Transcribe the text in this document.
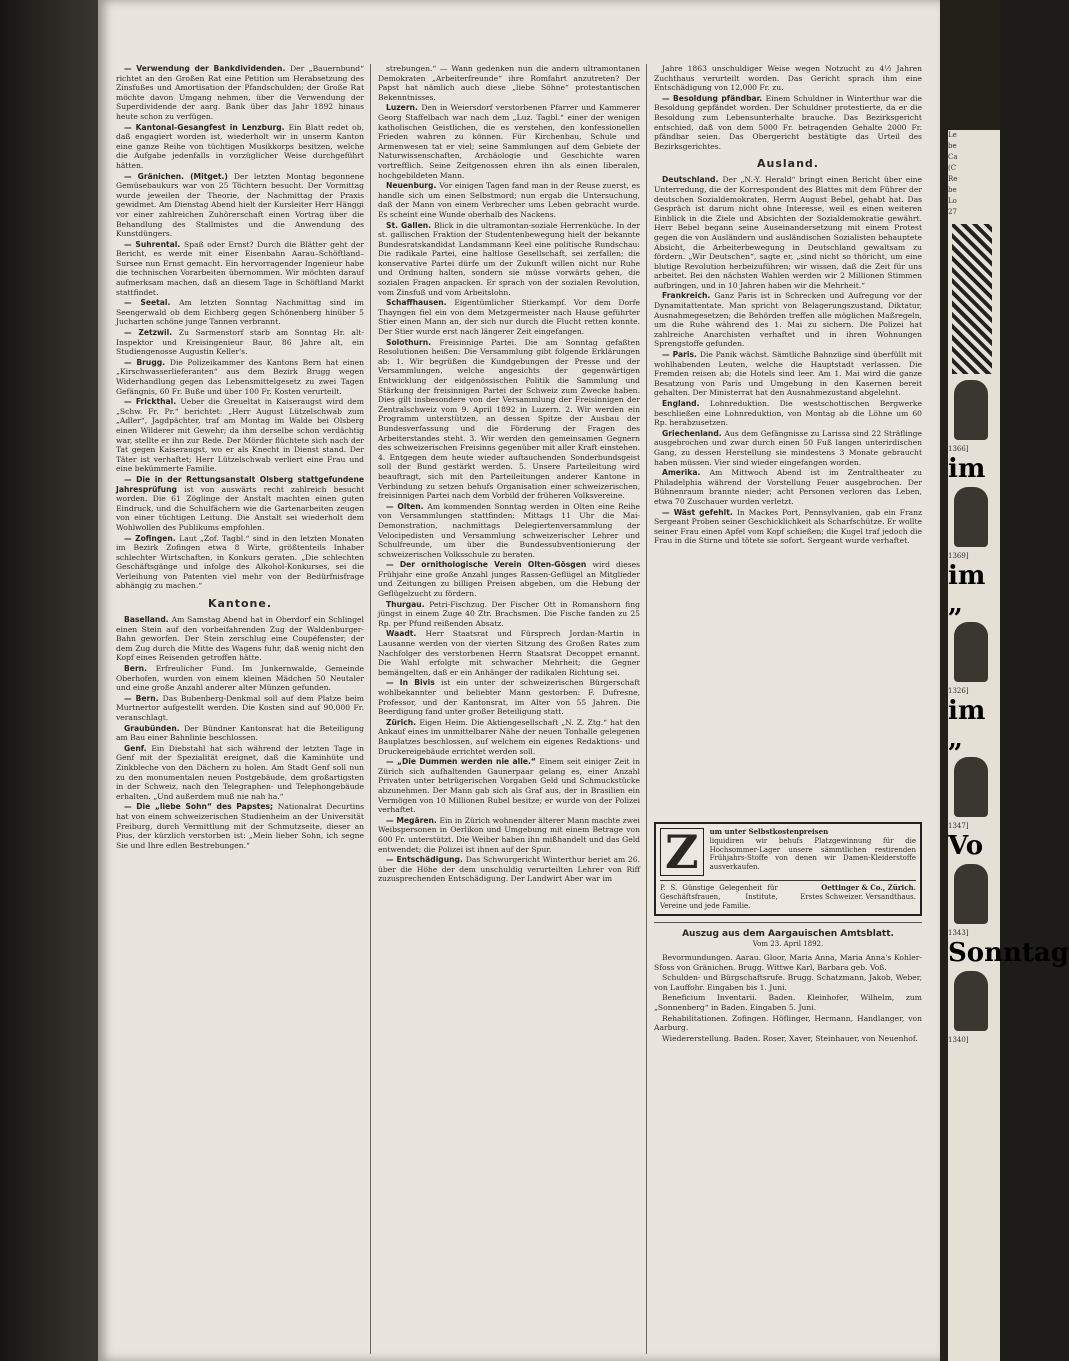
— Verwendung der Bankdividenden. Der „Bauernbund“ richtet an den Großen Rat eine Petition um Herabsetzung des Zinsfußes und Amortisation der Pfandschulden; der Große Rat möchte davon Umgang nehmen, über die Verwendung der Superdividende der aarg. Bank über das Jahr 1892 hinaus heute schon zu verfügen.

— Kantonal-Gesangfest in Lenzburg. Ein Blatt redet ob, daß engagiert worden ist, wiederholt wir in unserm Kanton eine ganze Reihe von tüchtigen Musikkorps besitzen, welche die Aufgabe jedenfalls in vorzüglicher Weise durchgeführt hätten.

— Gränichen. (Mitget.) Der letzten Montag begonnene Gemüsebaukurs war von 25 Töchtern besucht. Der Vormittag wurde jeweilen der Theorie, der Nachmittag der Praxis gewidmet. Am Dienstag Abend hielt der Kursleiter Herr Hänggi vor einer zahlreichen Zuhörerschaft einen Vortrag über die Behandlung des Stallmistes und die Anwendung des Kunstdüngers.

— Suhrental. Spaß oder Ernst? Durch die Blätter geht der Bericht, es werde mit einer Eisenbahn Aarau–Schöftland–Sursee nun Ernst gemacht. Ein hervorragender Ingenieur habe die technischen Vorarbeiten übernommen. Wir möchten darauf aufmerksam machen, daß an diesem Tage in Schöftland Markt stattfindet.

— Seetal. Am letzten Sonntag Nachmittag sind im Seengerwald ob dem Eichberg gegen Schönenberg hinüber 5 Jucharten schöne junge Tannen verbrannt.

— Zetzwil. Zu Sarmenstorf starb am Sonntag Hr. alt-Inspektor und Kreisingenieur Baur, 86 Jahre alt, ein Studiengenosse Augustin Keller's.

— Brugg. Die Polizeikammer des Kantons Bern hat einen „Kirschwasserlieferanten“ aus dem Bezirk Brugg wegen Widerhandlung gegen das Lebensmittelgesetz zu zwei Tagen Gefängnis, 60 Fr. Buße und über 100 Fr. Kosten verurteilt.

— Frickthal. Ueber die Greueltat in Kaiseraugst wird dem „Schw. Fr. Pr.“ berichtet: „Herr August Lützelschwab zum „Adler“, Jagdpächter, traf am Montag im Walde bei Olsberg einen Wilderer mit Gewehr; da ihm derselbe schon verdächtig war, stellte er ihn zur Rede. Der Mörder flüchtete sich nach der Tat gegen Kaiseraugst, wo er als Knecht in Dienst stand. Der Täter ist verhaftet; Herr Lützelschwab verliert eine Frau und eine bekümmerte Familie.

— Die in der Rettungsanstalt Olsberg stattgefundene Jahresprüfung ist von auswärts recht zahlreich besucht worden. Die 61 Zöglinge der Anstalt machten einen guten Eindruck, und die Schulfächern wie die Gartenarbeiten zeugen von einer tüchtigen Leitung. Die Anstalt sei wiederholt dem Wohlwollen des Publikums empfohlen.

— Zofingen. Laut „Zof. Tagbl.“ sind in den letzten Monaten im Bezirk Zofingen etwa 8 Wirte, größtenteils Inhaber schlechter Wirtschaften, in Konkurs geraten. „Die schlechten Geschäftsgänge und infolge des Alkohol-Konkurses, sei die Verleihung von Patenten viel mehr von der Bedürfnisfrage abhängig zu machen.“

Kantone.

Baselland. Am Samstag Abend hat in Oberdorf ein Schlingel einen Stein auf den vorbeifahrenden Zug der Waldenburger-Bahn geworfen. Der Stein zerschlug eine Coupéfenster, der dem Zug durch die Mitte des Wagens fuhr, daß wenig nicht den Kopf eines Reisenden getroffen hätte.

Bern. Erfreulicher Fund. Im Junkernwalde, Gemeinde Oberhofen, wurden von einem kleinen Mädchen 50 Neutaler und eine große Anzahl anderer alter Münzen gefunden.

— Bern. Das Bubenberg-Denkmal soll auf dem Platze beim Murtnertor aufgestellt werden. Die Kosten sind auf 90,000 Fr. veranschlagt.

Graubünden. Der Bündner Kantonsrat hat die Beteiligung am Bau einer Bahnlinie beschlossen.

Genf. Ein Diebstahl hat sich während der letzten Tage in Genf mit der Spezialität ereignet, daß die Kaminhüte und Zinkbleche von den Dächern zu holen. Am Stadt Genf soll nun zu den monumentalen neuen Postgebäude, dem großartigsten in der Schweiz, nach den Telegraphen- und Telephongebäude erhalten. „Und außerdem muß nie nah ha.“

— Die „liebe Sohn“ des Papstes; Nationalrat Decurtins hat von einem schweizerischen Studienheim an der Universität Freiburg, durch Vermittlung mit der Schmutzseite, dieser an Pius, der kürzlich verstorben ist: „Mein lieber Sohn, ich segne Sie und Ihre edlen Bestrebungen.“

strebungen.“ — Wann gedenken nun die andern ultramontanen Demokraten „Arbeiterfreunde“ ihre Romfahrt anzutreten? Der Papst hat nämlich auch diese „liebe Söhne“ protestantischen Bekenntnisses.

Luzern. Den in Weiersdorf verstorbenen Pfarrer und Kammerer Georg Staffelbach war nach dem „Luz. Tagbl.“ einer der wenigen katholischen Geistlichen, die es verstehen, den konfessionellen Frieden wahren zu können. Für Kirchenbau, Schule und Armenwesen tat er viel; seine Sammlungen auf dem Gebiete der Naturwissenschaften, Archäologie und Geschichte waren vortrefflich. Seine Zeitgenossen ehren ihn als einen liberalen, hochgebildeten Mann.

Neuenburg. Vor einigen Tagen fand man in der Reuse zuerst, es handle sich um einen Selbstmord; nun ergab die Untersuchung, daß der Mann von einem Verbrecher ums Leben gebracht wurde. Es scheint eine Wunde oberhalb des Nackens.

St. Gallen. Blick in die ultramontan-soziale Herrenküche. In der st. gallischen Fraktion der Studentenbewegung hielt der bekannte Bundesratskandidat Landammann Keel eine politische Rundschau: Die radikale Partei, eine haltlose Gesellschaft, sei zerfallen; die konservative Partei dürfe um der Zukunft willen nicht nur Ruhe und Ordnung halten, sondern sie müsse vorwärts gehen, die sozialen Fragen anpacken. Er sprach von der sozialen Revolution, vom Zinsfuß und vom Arbeitslohn.

Schaffhausen. Eigentümlicher Stierkampf. Vor dem Dorfe Thayngen fiel ein von dem Metzgermeister nach Hause geführter Stier einen Mann an, der sich nur durch die Flucht retten konnte. Der Stier wurde erst nach längerer Zeit eingefangen.

Solothurn. Freisinnige Partei. Die am Sonntag gefaßten Resolutionen heißen: Die Versammlung gibt folgende Erklärungen ab: 1. Wir begrüßen die Kundgebungen der Presse und der Versammlungen, welche angesichts der gegenwärtigen Entwicklung der eidgenössischen Politik die Sammlung und Stärkung der freisinnigen Partei der Schweiz zum Zwecke haben. Dies gilt insbesondere von der Versammlung der Freisinnigen der Zentralschweiz vom 9. April 1892 in Luzern. 2. Wir werden ein Programm unterstützen, an dessen Spitze der Ausbau der Bundesverfassung und die Förderung der Fragen des Arbeiterstandes steht. 3. Wir werden den gemeinsamen Gegnern des schweizerischen Freisinns gegenüber mit aller Kraft einstehen. 4. Entgegen dem heute wieder auftauchenden Sonderbundsgeist soll der Bund gestärkt werden. 5. Unsere Parteileitung wird beauftragt, sich mit den Parteileitungen anderer Kantone in Verbindung zu setzen behufs Organisation einer schweizerischen, freisinnigen Partei nach dem Vorbild der früheren Volksvereine.

— Olten. Am kommenden Sonntag werden in Olten eine Reihe von Versammlungen stattfinden: Mittags 11 Uhr die Mai-Demonstration, nachmittags Delegiertenversammlung der Velocipedisten und Versammlung schweizerischer Lehrer und Schulfreunde, um über die Bundessubventionierung der schweizerischen Volksschule zu beraten.

— Der ornithologische Verein Olten-Gösgen wird dieses Frühjahr eine große Anzahl junges Rassen-Geflügel an Mitglieder und Zeitungen zu billigen Preisen abgeben, um die Hebung der Geflügelzucht zu fördern.

Thurgau. Petri-Fischzug. Der Fischer Ott in Romanshorn fing jüngst in einem Zuge 40 Ztr. Brachsmen. Die Fische fanden zu 25 Rp. per Pfund reißenden Absatz.

Waadt. Herr Staatsrat und Fürsprech Jordan-Martin in Lausanne werden von der vierten Sitzung des Großen Rates zum Nachfolger des verstorbenen Herrn Staatsrat Decoppet ernannt. Die Wahl erfolgte mit schwacher Mehrheit; die Gegner bemängelten, daß er ein Anhänger der radikalen Richtung sei.

— In Bivis ist ein unter der schweizerischen Bürgerschaft wohlbekannter und beliebter Mann gestorben: F. Dufresne, Professor, und der Kantonsrat, im Alter von 55 Jahren. Die Beerdigung fand unter großer Beteiligung statt.

Zürich. Eigen Heim. Die Aktiengesellschaft „N. Z. Ztg.“ hat den Ankauf eines im unmittelbarer Nähe der neuen Tonhalle gelegenen Bauplatzes beschlossen, auf welchem ein eigenes Redaktions- und Druckereigebäude errichtet werden soll.

— „Die Dummen werden nie alle.“ Einem seit einiger Zeit in Zürich sich aufhaltenden Gaunerpaar gelang es, einer Anzahl Privaten unter betrügerischen Vorgaben Geld und Schmuckstücke abzunehmen. Der Mann gab sich als Graf aus, der in Brasilien ein Vermögen von 10 Millionen Rubel besitze; er wurde von der Polizei verhaftet.

— Megären. Ein in Zürich wohnender älterer Mann machte zwei Weibspersonen in Oerlikon und Umgebung mit einem Betrage von 600 Fr. unterstützt. Die Weiber haben ihn mißhandelt und das Geld entwendet; die Polizei ist ihnen auf der Spur.

— Entschädigung. Das Schwurgericht Winterthur beriet am 26. über die Höhe der dem unschuldig verurteilten Lehrer von Riff zuzusprechenden Entschädigung. Der Landwirt Aber war im

Jahre 1863 unschuldiger Weise wegen Notzucht zu 4½ Jahren Zuchthaus verurteilt worden. Das Gericht sprach ihm eine Entschädigung von 12,000 Fr. zu.

— Besoldung pfändbar. Einem Schuldner in Winterthur war die Besoldung gepfändet worden. Der Schuldner protestierte, da er die Besoldung zum Lebensunterhalte brauche. Das Bezirksgericht entschied, daß von dem 5000 Fr. betragenden Gehalte 2000 Fr. pfändbar seien. Das Obergericht bestätigte das Urteil des Bezirksgerichtes.

Ausland.

Deutschland. Der „N.-Y. Herald“ bringt einen Bericht über eine Unterredung, die der Korrespondent des Blattes mit dem Führer der deutschen Sozialdemokraten, Herrn August Bebel, gehabt hat. Das Gespräch ist darum nicht ohne Interesse, weil es einen weiteren Einblick in die Ziele und Absichten der Sozialdemokratie gewährt. Herr Bebel begann seine Auseinandersetzung mit einem Protest gegen die von Ausländern und ausländischen Sozialisten behauptete Absicht, die Arbeiterbewegung in Deutschland gewaltsam zu fördern. „Wir Deutschen“, sagte er, „sind nicht so thöricht, um eine blutige Revolution herbeizuführen; wir wissen, daß die Zeit für uns arbeitet. Bei den nächsten Wahlen werden wir 2 Millionen Stimmen aufbringen, und in 10 Jahren haben wir die Mehrheit.“

Frankreich. Ganz Paris ist in Schrecken und Aufregung vor der Dynamitattentate. Man spricht von Belagerungszustand, Diktatur, Ausnahmegesetzen; die Behörden treffen alle möglichen Maßregeln, um die Ruhe während des 1. Mai zu sichern. Die Polizei hat zahlreiche Anarchisten verhaftet und in ihren Wohnungen Sprengstoffe gefunden.

— Paris. Die Panik wächst. Sämtliche Bahnzüge sind überfüllt mit wohlhabenden Leuten, welche die Hauptstadt verlassen. Die Fremden reisen ab; die Hotels sind leer. Am 1. Mai wird die ganze Besatzung von Paris und Umgebung in den Kasernen bereit gehalten. Der Ministerrat hat den Ausnahmezustand abgelehnt.

England. Lohnreduktion. Die westschottischen Bergwerke beschließen eine Lohnreduktion, von Montag ab die Löhne um 60 Rp. herabzusetzen.

Griechenland. Aus dem Gefängnisse zu Larissa sind 22 Sträflinge ausgebrochen und zwar durch einen 50 Fuß langen unterirdischen Gang, zu dessen Herstellung sie mindestens 3 Monate gebraucht haben müssen. Vier sind wieder eingefangen worden.

Amerika. Am Mittwoch Abend ist im Zentraltheater zu Philadelphia während der Vorstellung Feuer ausgebrochen. Der Bühnenraum brannte nieder; acht Personen verloren das Leben, etwa 70 Zuschauer wurden verletzt.

— Wäst gefehlt. In Mackes Port, Pennsylvanien, gab ein Franz Sergeant Proben seiner Geschicklichkeit als Scharfschütze. Er wollte seiner Frau einen Apfel vom Kopf schießen; die Kugel traf jedoch die Frau in die Stirne und tötete sie sofort. Sergeant wurde verhaftet.

Z	um unter Selbstkostenpreisen
liquidiren wir behufs Platzgewinnung für die Hochsommer-Lager unsere sämmtlichen restirenden Frühjahrs-Stoffe von denen wir Damen-Kleiderstoffe ausverkaufen.
P. S. Günstige Gelegenheit für Geschäftsfrauen, Institute, Vereine und jede Familie.
Oettinger & Co., Zürich.
Erstes Schweizer. Versandthaus.
Auszug aus dem Aargauischen Amtsblatt.
Vom 23. April 1892.

Bevormundungen. Aarau. Gloor, Maria Anna, Maria Anna's Kohler-Sfoss von Gränichen. Brugg. Wittwe Karl, Barbara geb. Voß.

Schulden- und Bürgschaftsrufe. Brugg. Schatzmann, Jakob, Weber, von Lauffohr. Eingaben bis 1. Juni.

Beneficium Inventarii. Baden. Kleinhofer, Wilhelm, zum „Sonnenberg“ in Baden. Eingaben 5. Juni.

Rehabilitationen. Zofingen. Höflinger, Hermann, Handlanger, von Aarburg.

Wiedererstellung. Baden. Roser, Xaver, Steinhauer, von Neuenhof.

Le
be
Ca
(C
Re
be
Lo
27
1366]
im
1369]
im „
1326]
im „
1347]
Vo
1343]
Sonntag
1340]
